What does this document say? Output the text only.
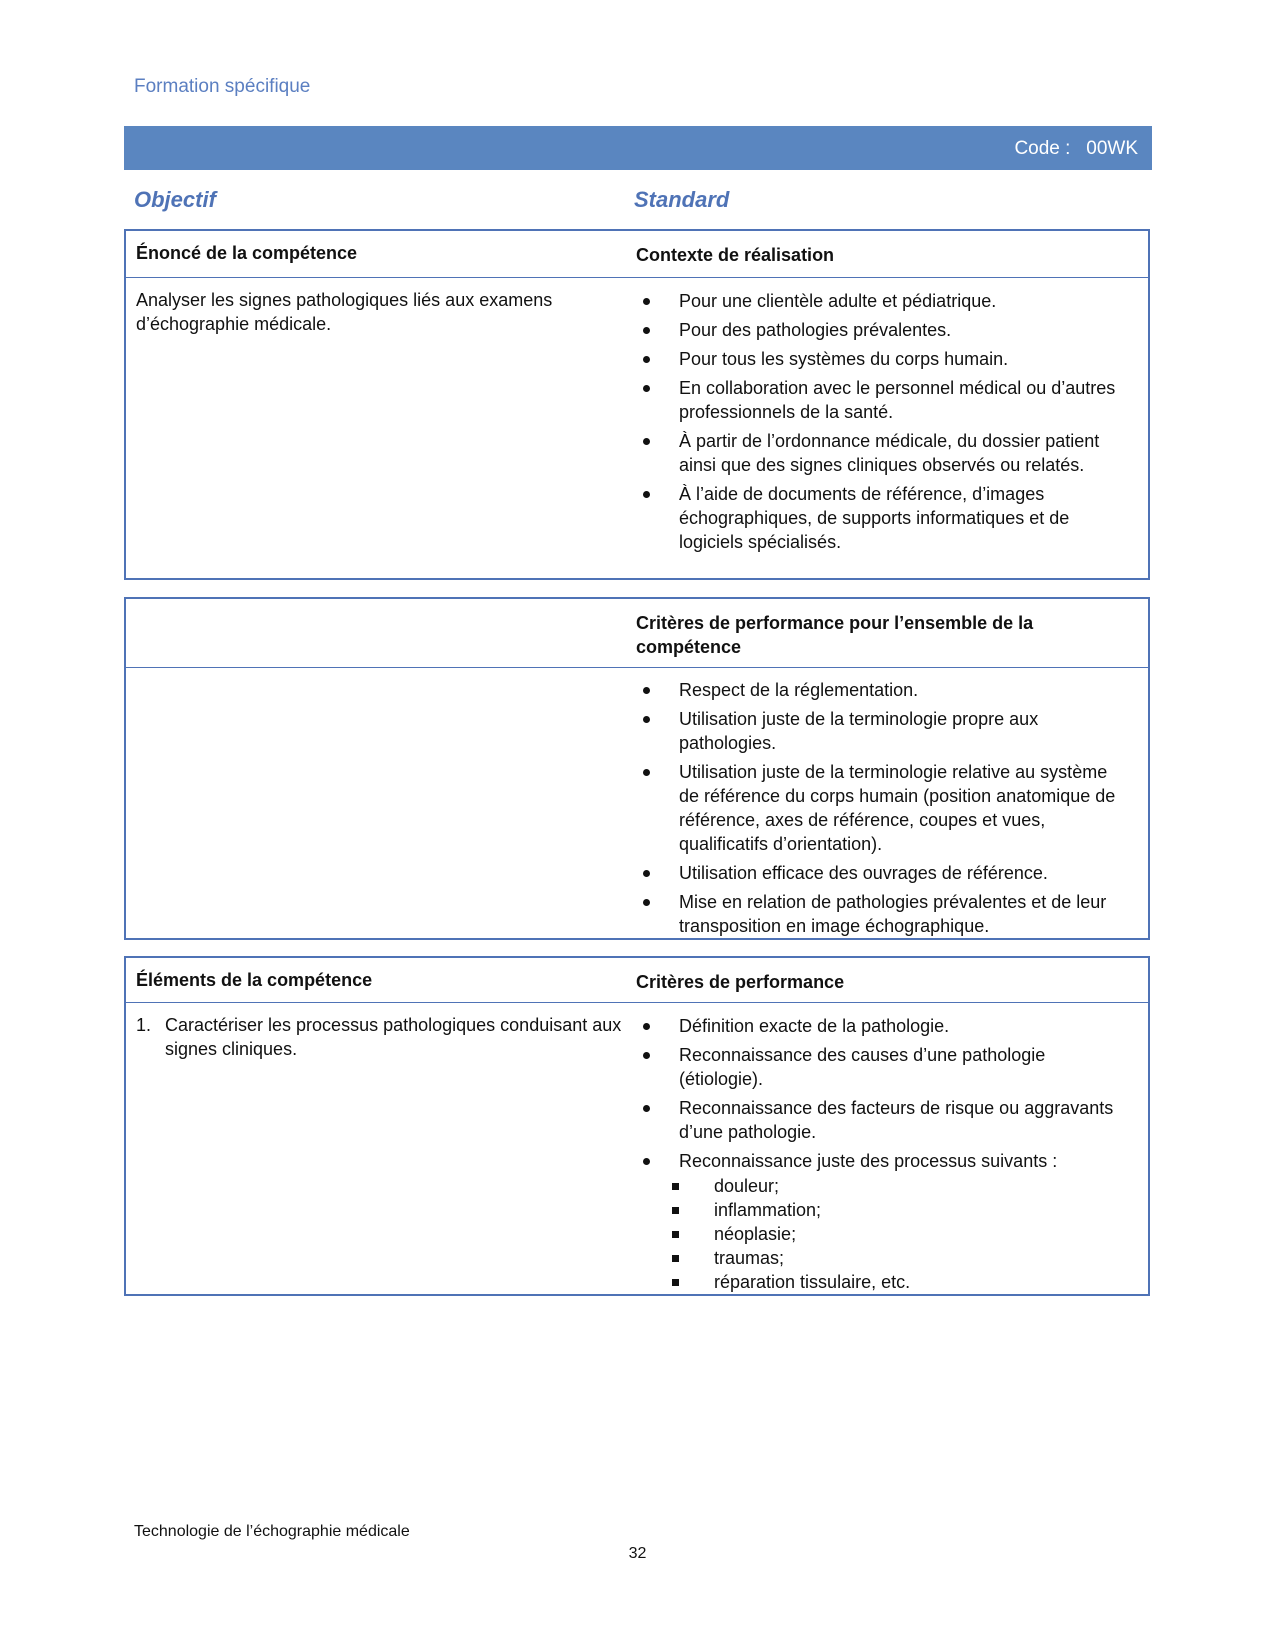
Formation spécifique
Code :   00WK
Objectif	Standard
Énoncé de la compétence	Contexte de réalisation
Analyser les signes pathologiques liés aux examens d’échographie médicale.
Pour une clientèle adulte et pédiatrique.
Pour des pathologies prévalentes.
Pour tous les systèmes du corps humain.
En collaboration avec le personnel médical ou d’autres professionnels de la santé.
À partir de l’ordonnance médicale, du dossier patient ainsi que des signes cliniques observés ou relatés.
À l’aide de documents de référence, d’images échographiques, de supports informatiques et de logiciels spécialisés.
Critères de performance pour l’ensemble de la compétence
Respect de la réglementation.
Utilisation juste de la terminologie propre aux pathologies.
Utilisation juste de la terminologie relative au système de référence du corps humain (position anatomique de référence, axes de référence, coupes et vues, qualificatifs d’orientation).
Utilisation efficace des ouvrages de référence.
Mise en relation de pathologies prévalentes et de leur transposition en image échographique.
Éléments de la compétence	Critères de performance
1. Caractériser les processus pathologiques conduisant aux signes cliniques.
Définition exacte de la pathologie.
Reconnaissance des causes d’une pathologie (étiologie).
Reconnaissance des facteurs de risque ou aggravants d’une pathologie.
Reconnaissance juste des processus suivants :
douleur;
inflammation;
néoplasie;
traumas;
réparation tissulaire, etc.
Technologie de l’échographie médicale
32
